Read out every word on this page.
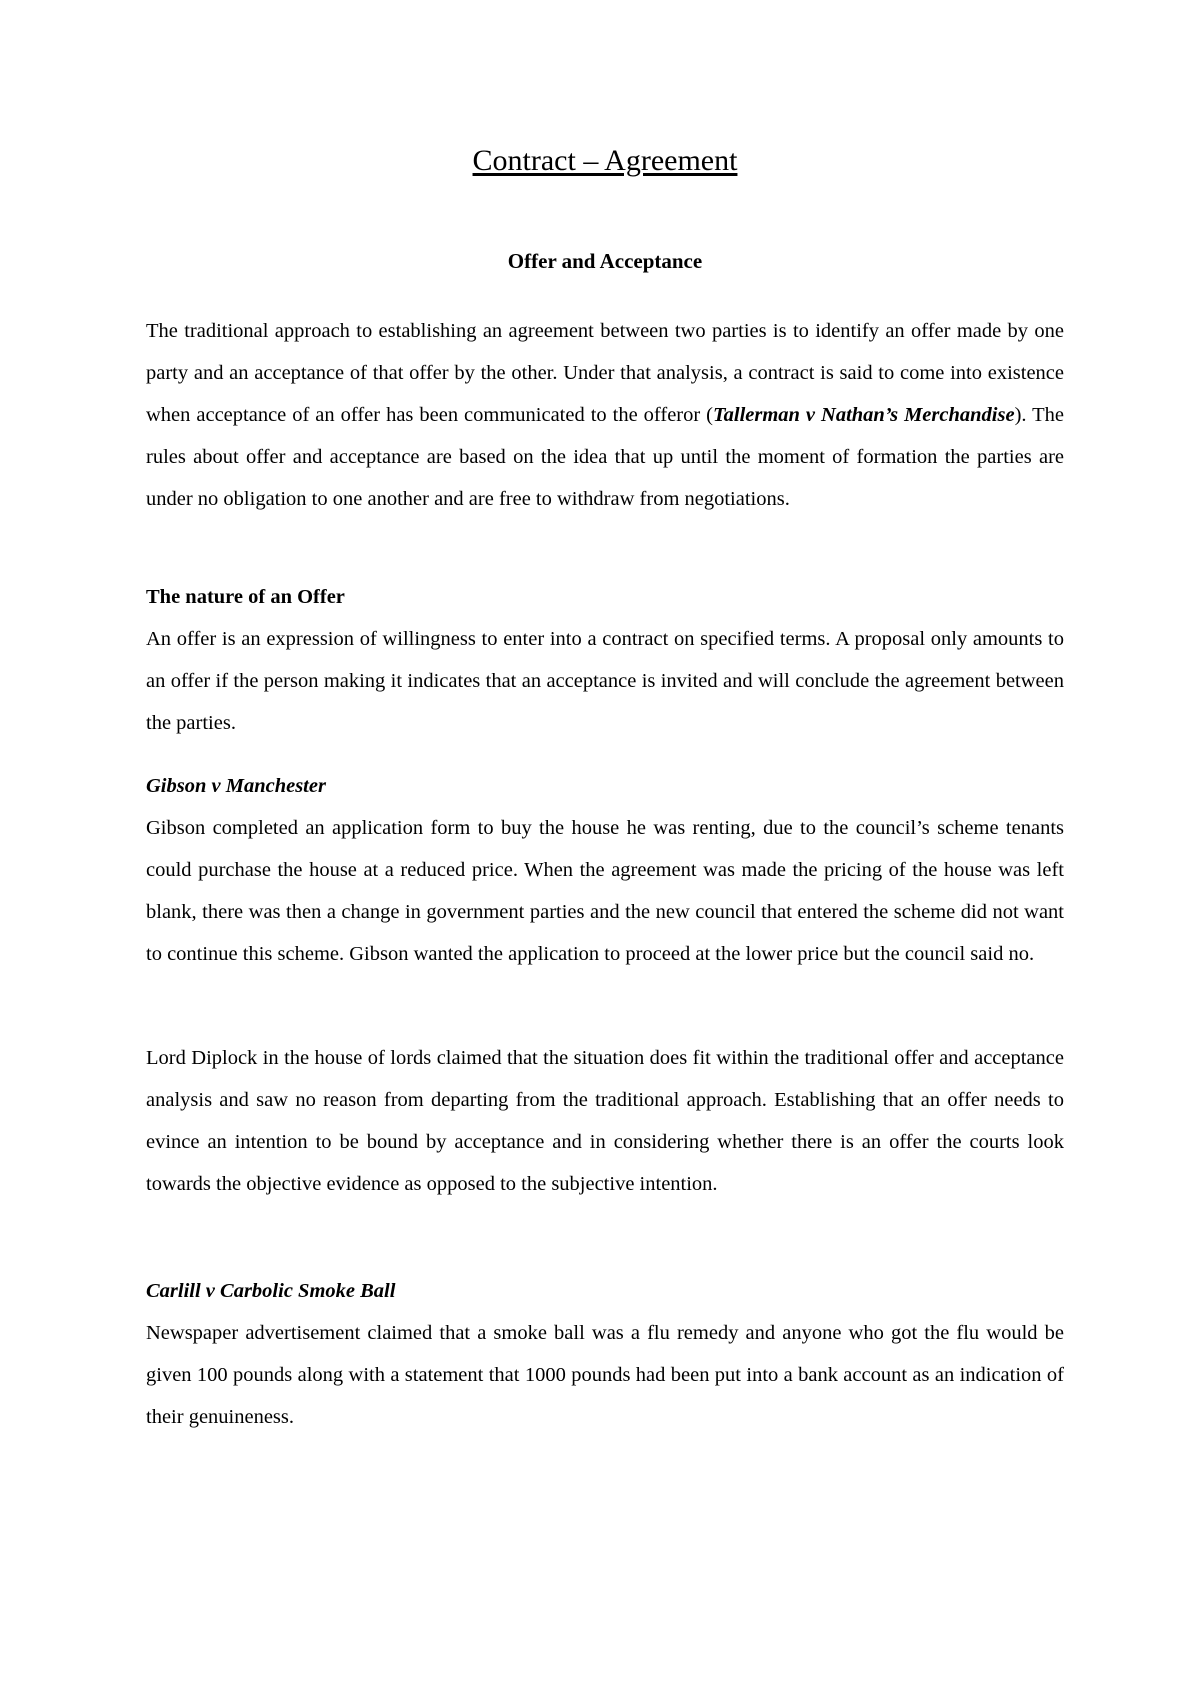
Contract – Agreement
Offer and Acceptance

The traditional approach to establishing an agreement between two parties is to identify an offer made by one party and an acceptance of that offer by the other. Under that analysis, a contract is said to come into existence when acceptance of an offer has been communicated to the offeror (Tallerman v Nathan’s Merchandise). The rules about offer and acceptance are based on the idea that up until the moment of formation the parties are under no obligation to one another and are free to withdraw from negotiations.

The nature of an Offer

An offer is an expression of willingness to enter into a contract on specified terms. A proposal only amounts to an offer if the person making it indicates that an acceptance is invited and will conclude the agreement between the parties.

Gibson v Manchester

Gibson completed an application form to buy the house he was renting, due to the council’s scheme tenants could purchase the house at a reduced price. When the agreement was made the pricing of the house was left blank, there was then a change in government parties and the new council that entered the scheme did not want to continue this scheme. Gibson wanted the application to proceed at the lower price but the council said no.

Lord Diplock in the house of lords claimed that the situation does fit within the traditional offer and acceptance analysis and saw no reason from departing from the traditional approach. Establishing that an offer needs to evince an intention to be bound by acceptance and in considering whether there is an offer the courts look towards the objective evidence as opposed to the subjective intention.

Carlill v Carbolic Smoke Ball

Newspaper advertisement claimed that a smoke ball was a flu remedy and anyone who got the flu would be given 100 pounds along with a statement that 1000 pounds had been put into a bank account as an indication of their genuineness.
